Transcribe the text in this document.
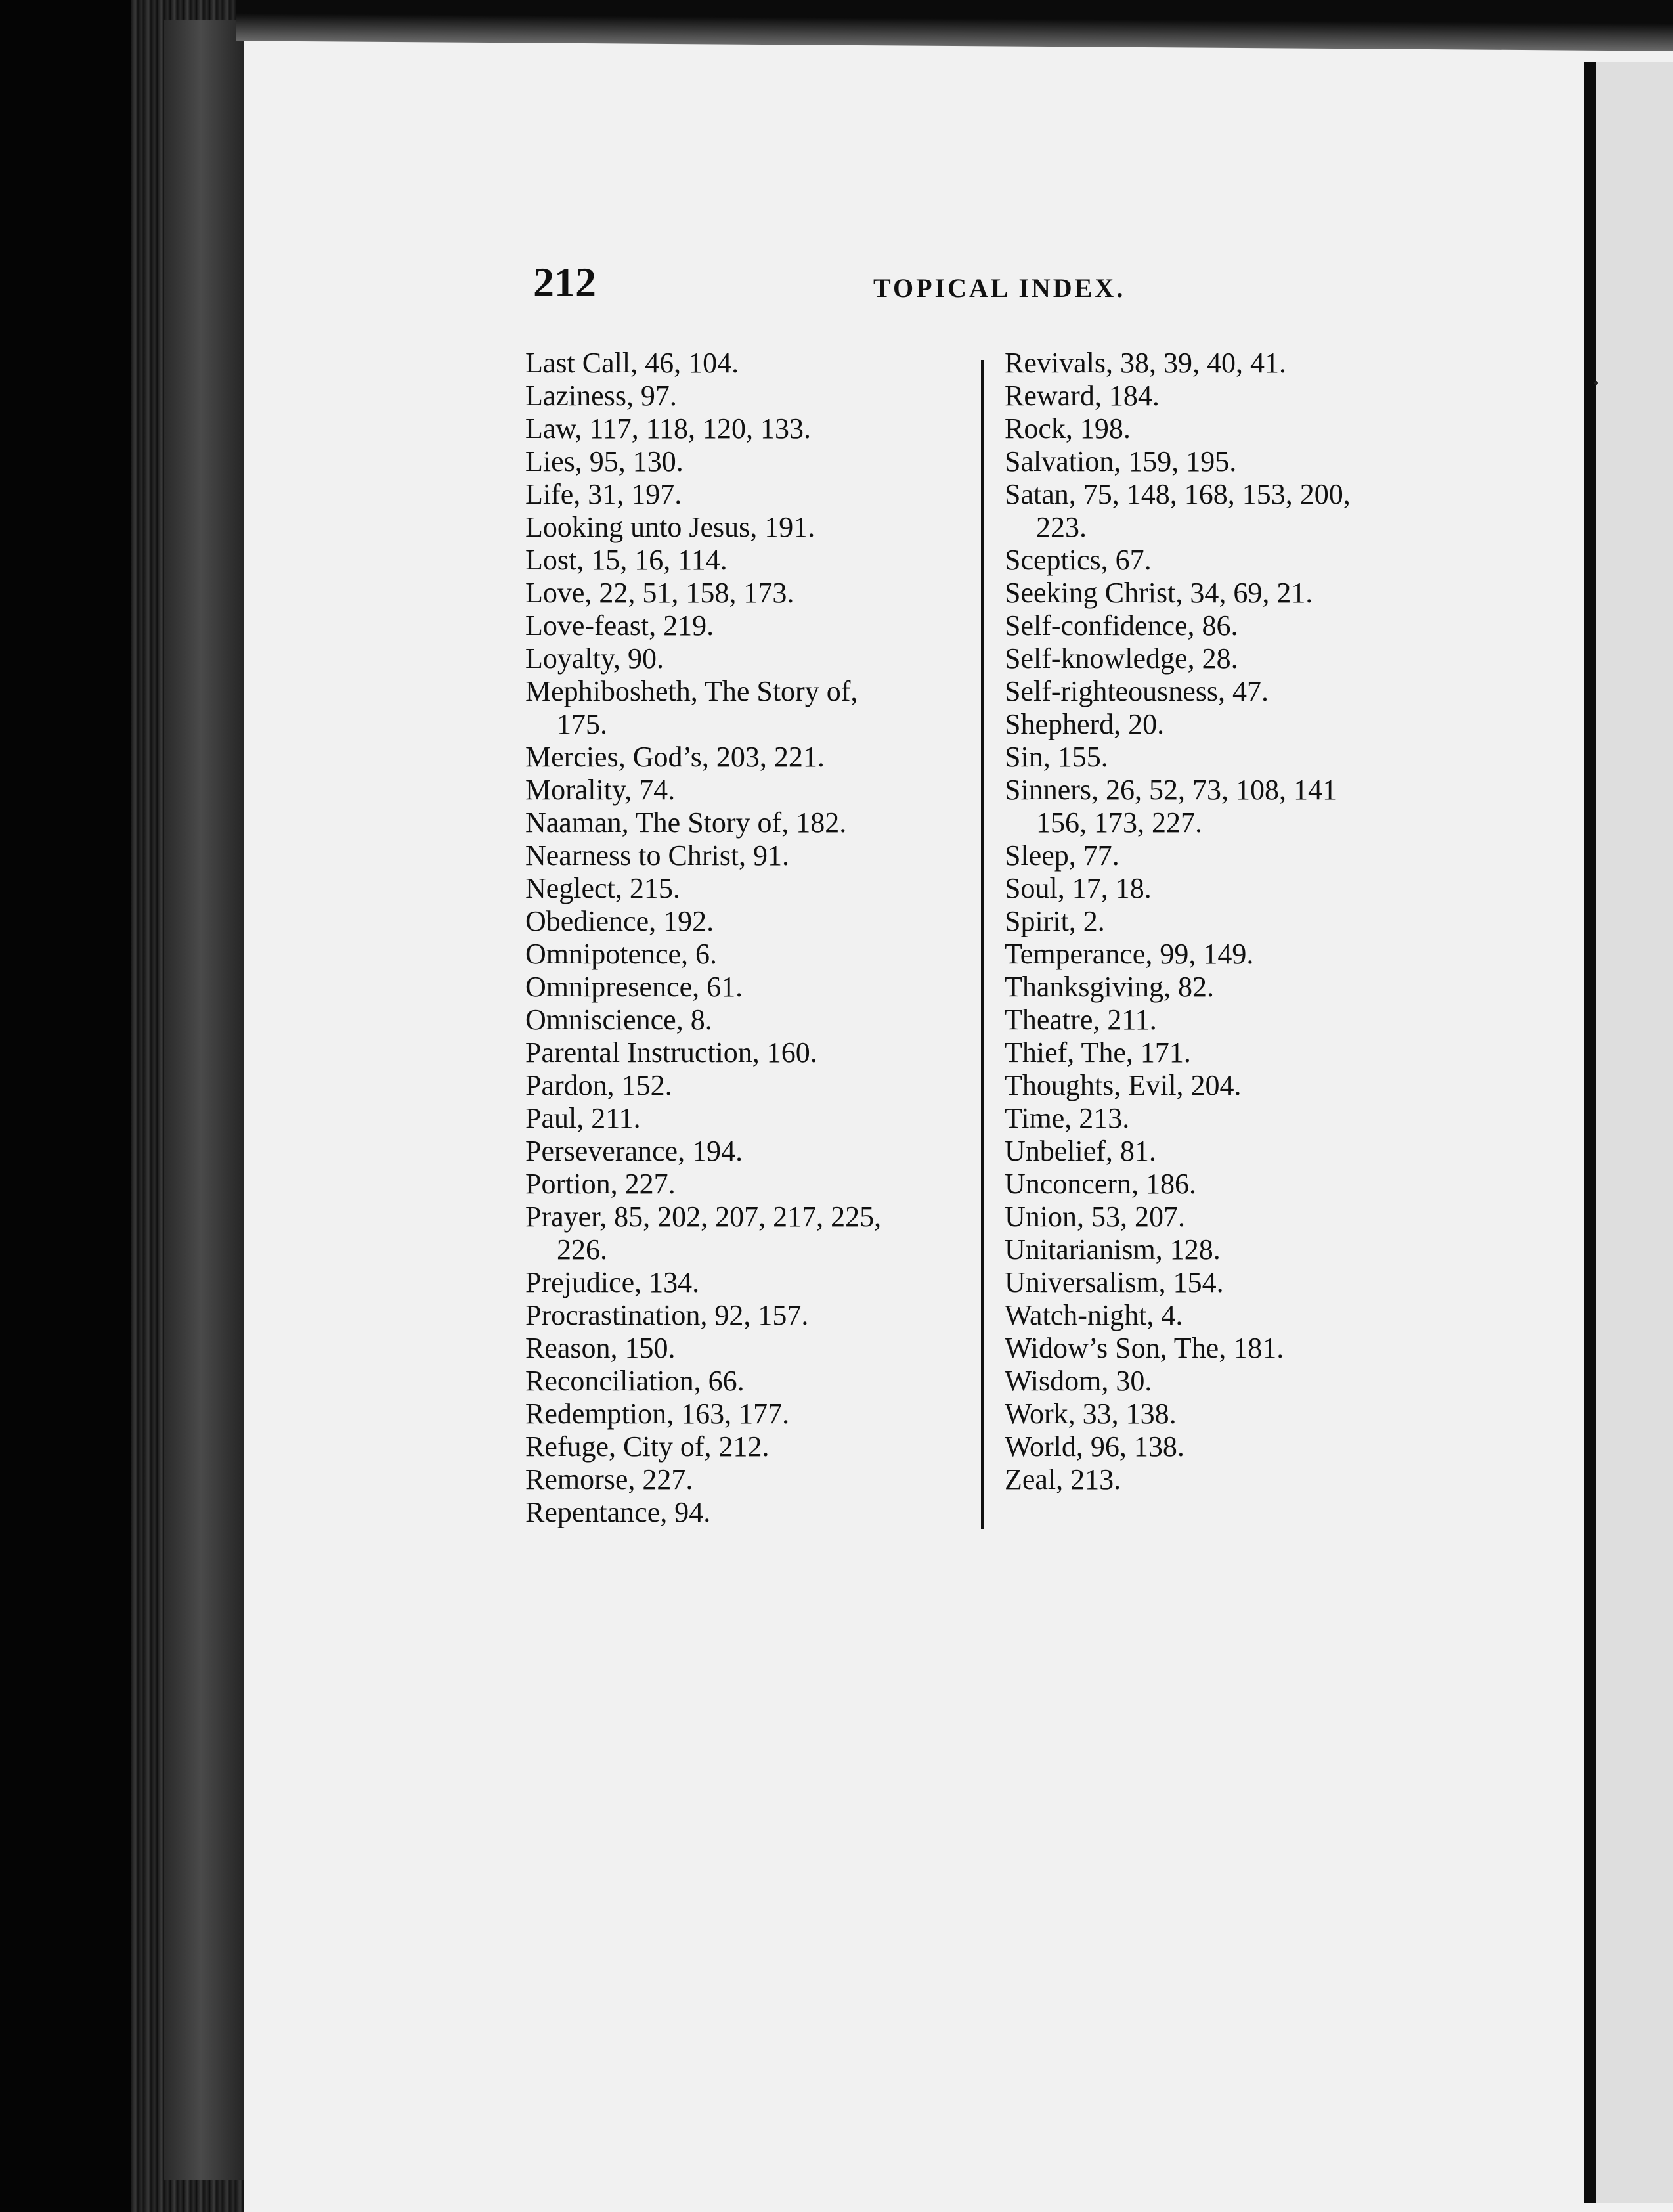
212	TOPICAL INDEX.
Last Call, 46, 104.
Laziness, 97.
Law, 117, 118, 120, 133.
Lies, 95, 130.
Life, 31, 197.
Looking unto Jesus, 191.
Lost, 15, 16, 114.
Love, 22, 51, 158, 173.
Love-feast, 219.
Loyalty, 90.
Mephibosheth, The Story of,
175.
Mercies, God’s, 203, 221.
Morality, 74.
Naaman, The Story of, 182.
Nearness to Christ, 91.
Neglect, 215.
Obedience, 192.
Omnipotence, 6.
Omnipresence, 61.
Omniscience, 8.
Parental Instruction, 160.
Pardon, 152.
Paul, 211.
Perseverance, 194.
Portion, 227.
Prayer, 85, 202, 207, 217, 225,
226.
Prejudice, 134.
Procrastination, 92, 157.
Reason, 150.
Reconciliation, 66.
Redemption, 163, 177.
Refuge, City of, 212.
Remorse, 227.
Repentance, 94.
Revivals, 38, 39, 40, 41.
Reward, 184.
Rock, 198.
Salvation, 159, 195.
Satan, 75, 148, 168, 153, 200,
223.
Sceptics, 67.
Seeking Christ, 34, 69, 21.
Self-confidence, 86.
Self-knowledge, 28.
Self-righteousness, 47.
Shepherd, 20.
Sin, 155.
Sinners, 26, 52, 73, 108, 141
156, 173, 227.
Sleep, 77.
Soul, 17, 18.
Spirit, 2.
Temperance, 99, 149.
Thanksgiving, 82.
Theatre, 211.
Thief, The, 171.
Thoughts, Evil, 204.
Time, 213.
Unbelief, 81.
Unconcern, 186.
Union, 53, 207.
Unitarianism, 128.
Universalism, 154.
Watch-night, 4.
Widow’s Son, The, 181.
Wisdom, 30.
Work, 33, 138.
World, 96, 138.
Zeal, 213.
